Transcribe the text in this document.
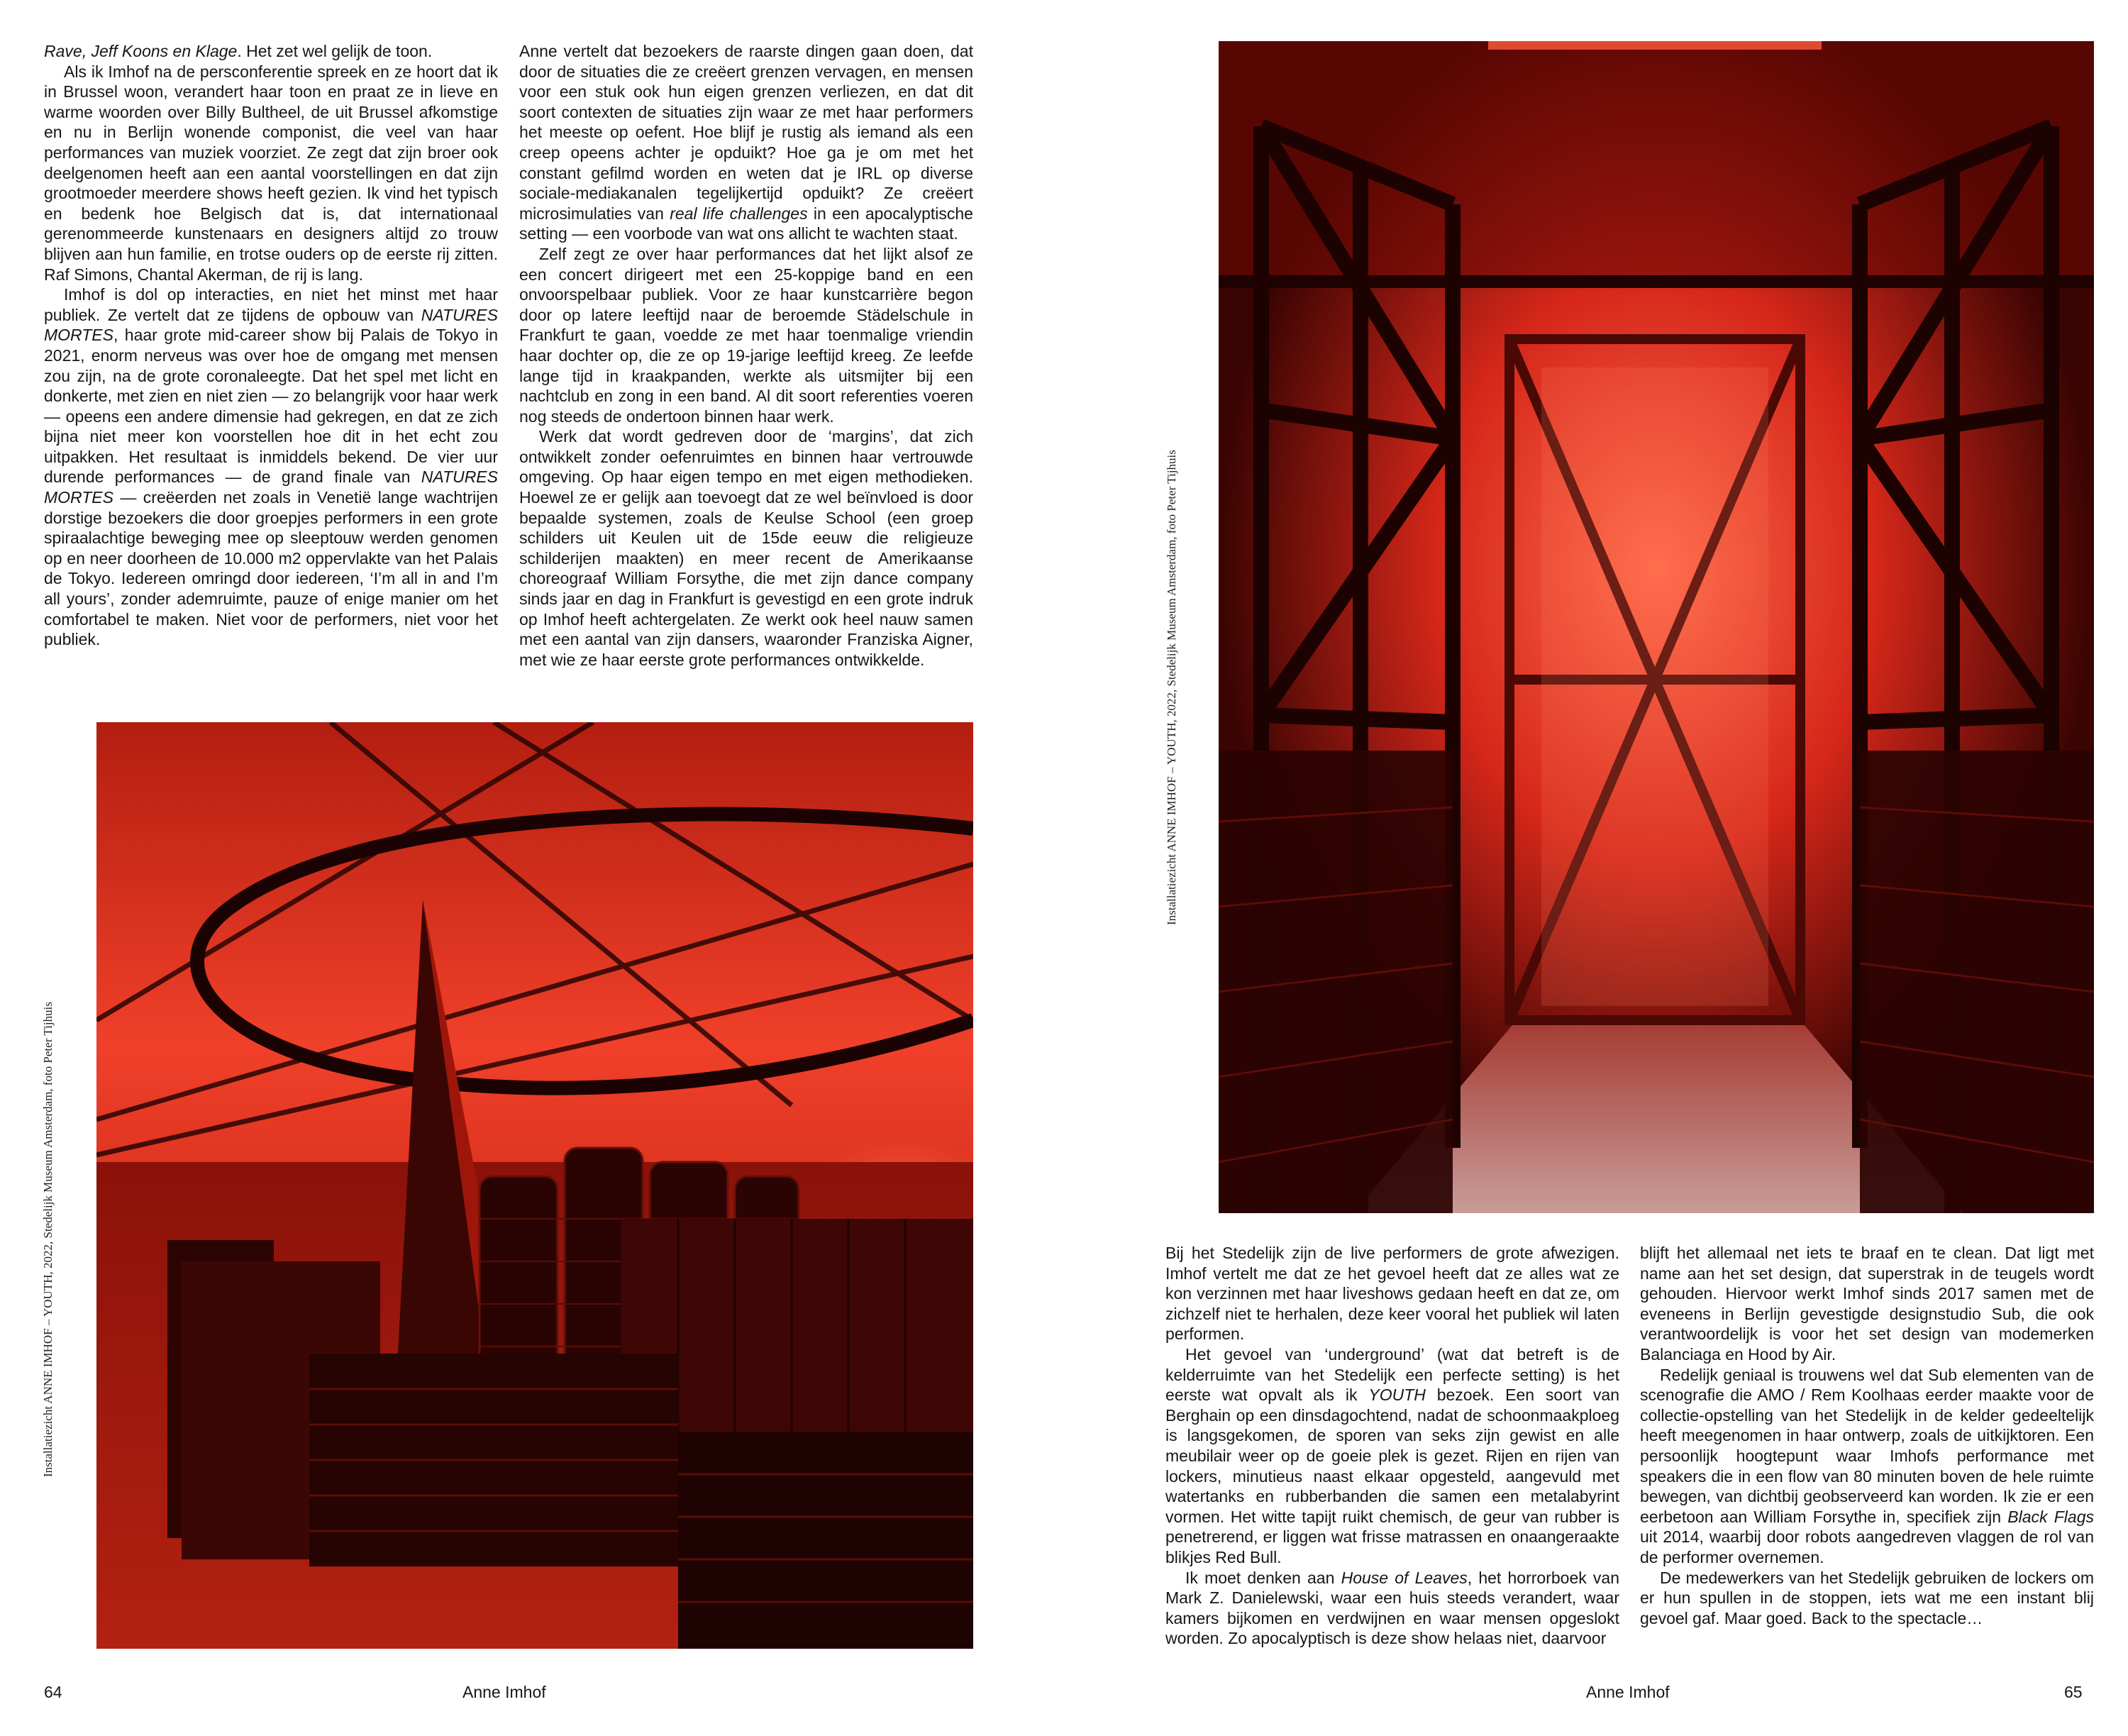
Rave, Jeff Koons en Klage. Het zet wel gelijk de toon.

Als ik Imhof na de persconferentie spreek en ze hoort dat ik in Brussel woon, verandert haar toon en praat ze in lieve en warme woorden over Billy Bultheel, de uit Brussel afkomstige en nu in Berlijn wonende componist, die veel van haar performances van muziek voorziet. Ze zegt dat zijn broer ook deelgenomen heeft aan een aantal voorstellingen en dat zijn grootmoeder meerdere shows heeft gezien. Ik vind het typisch en bedenk hoe Belgisch dat is, dat internationaal gerenommeerde kunstenaars en designers altijd zo trouw blijven aan hun familie, en trotse ouders op de eerste rij zitten. Raf Simons, Chantal Akerman, de rij is lang.

Imhof is dol op interacties, en niet het minst met haar publiek. Ze vertelt dat ze tijdens de opbouw van NATURES MORTES, haar grote mid-career show bij Palais de Tokyo in 2021, enorm nerveus was over hoe de omgang met mensen zou zijn, na de grote coronaleegte. Dat het spel met licht en donkerte, met zien en niet zien — zo belangrijk voor haar werk — opeens een andere dimensie had gekregen, en dat ze zich bijna niet meer kon voorstellen hoe dit in het echt zou uitpakken. Het resultaat is inmiddels bekend. De vier uur durende performances — de grand finale van NATURES MORTES — creëerden net zoals in Venetië lange wachtrijen dorstige bezoekers die door groepjes performers in een grote spiraalachtige beweging mee op sleeptouw werden genomen op en neer doorheen de 10.000 m2 oppervlakte van het Palais de Tokyo. Iedereen omringd door iedereen, ‘I’m all in and I’m all yours’, zonder ademruimte, pauze of enige manier om het comfortabel te maken. Niet voor de performers, niet voor het publiek.

Anne vertelt dat bezoekers de raarste dingen gaan doen, dat door de situaties die ze creëert grenzen vervagen, en mensen voor een stuk ook hun eigen grenzen verliezen, en dat dit soort contexten de situaties zijn waar ze met haar performers het meeste op oefent. Hoe blijf je rustig als iemand als een creep opeens achter je opduikt? Hoe ga je om met het constant gefilmd worden en weten dat je IRL op diverse sociale-mediakanalen tegelijkertijd opduikt? Ze creëert microsimulaties van real life challenges in een apocalyptische setting — een voorbode van wat ons allicht te wachten staat.

Zelf zegt ze over haar performances dat het lijkt alsof ze een concert dirigeert met een 25-koppige band en een onvoorspelbaar publiek. Voor ze haar kunstcarrière begon door op latere leeftijd naar de beroemde Städelschule in Frankfurt te gaan, voedde ze met haar toenmalige vriendin haar dochter op, die ze op 19-jarige leeftijd kreeg. Ze leefde lange tijd in kraakpanden, werkte als uitsmijter bij een nachtclub en zong in een band. Al dit soort referenties voeren nog steeds de ondertoon binnen haar werk.

Werk dat wordt gedreven door de ‘margins’, dat zich ontwikkelt zonder oefenruimtes en binnen haar vertrouwde omgeving. Op haar eigen tempo en met eigen methodieken. Hoewel ze er gelijk aan toevoegt dat ze wel beïnvloed is door bepaalde systemen, zoals de Keulse School (een groep schilders uit Keulen uit de 15de eeuw die religieuze schilderijen maakten) en meer recent de Amerikaanse choreograaf William Forsythe, die met zijn dance company sinds jaar en dag in Frankfurt is gevestigd en een grote indruk op Imhof heeft achtergelaten. Ze werkt ook heel nauw samen met een aantal van zijn dansers, waaronder Franziska Aigner, met wie ze haar eerste grote performances ontwikkelde.

Installatiezicht ANNE IMHOF – YOUTH, 2022, Stedelijk Museum Amsterdam, foto Peter Tijhuis
64	Anne Imhof
Installatiezicht ANNE IMHOF – YOUTH, 2022, Stedelijk Museum Amsterdam, foto Peter Tijhuis

Bij het Stedelijk zijn de live performers de grote afwezigen. Imhof vertelt me dat ze het gevoel heeft dat ze alles wat ze kon verzinnen met haar liveshows gedaan heeft en dat ze, om zichzelf niet te herhalen, deze keer vooral het publiek wil laten performen.

Het gevoel van ‘underground’ (wat dat betreft is de kelderruimte van het Stedelijk een perfecte setting) is het eerste wat opvalt als ik YOUTH bezoek. Een soort van Berghain op een dinsdagochtend, nadat de schoonmaakploeg is langsgekomen, de sporen van seks zijn gewist en alle meubilair weer op de goeie plek is gezet. Rijen en rijen van lockers, minutieus naast elkaar opgesteld, aangevuld met watertanks en rubberbanden die samen een metalabyrint vormen. Het witte tapijt ruikt chemisch, de geur van rubber is penetrerend, er liggen wat frisse matrassen en onaangeraakte blikjes Red Bull.

Ik moet denken aan House of Leaves, het horrorboek van Mark Z. Danielewski, waar een huis steeds verandert, waar kamers bijkomen en verdwijnen en waar mensen opgeslokt worden. Zo apocalyptisch is deze show helaas niet, daarvoor

blijft het allemaal net iets te braaf en te clean. Dat ligt met name aan het set design, dat superstrak in de teugels wordt gehouden. Hiervoor werkt Imhof sinds 2017 samen met de eveneens in Berlijn gevestigde designstudio Sub, die ook verantwoordelijk is voor het set design van modemerken Balanciaga en Hood by Air.

Redelijk geniaal is trouwens wel dat Sub elementen van de scenografie die AMO / Rem Koolhaas eerder maakte voor de collectie-opstelling van het Stedelijk in de kelder gedeeltelijk heeft meegenomen in haar ontwerp, zoals de uitkijktoren. Een persoonlijk hoogtepunt waar Imhofs performance met speakers die in een flow van 80 minuten boven de hele ruimte bewegen, van dichtbij geobserveerd kan worden. Ik zie er een eerbetoon aan William Forsythe in, specifiek zijn Black Flags uit 2014, waarbij door robots aangedreven vlaggen de rol van de performer overnemen.

De medewerkers van het Stedelijk gebruiken de lockers om er hun spullen in de stoppen, iets wat me een instant blij gevoel gaf. Maar goed. Back to the spectacle…

Anne Imhof	65
